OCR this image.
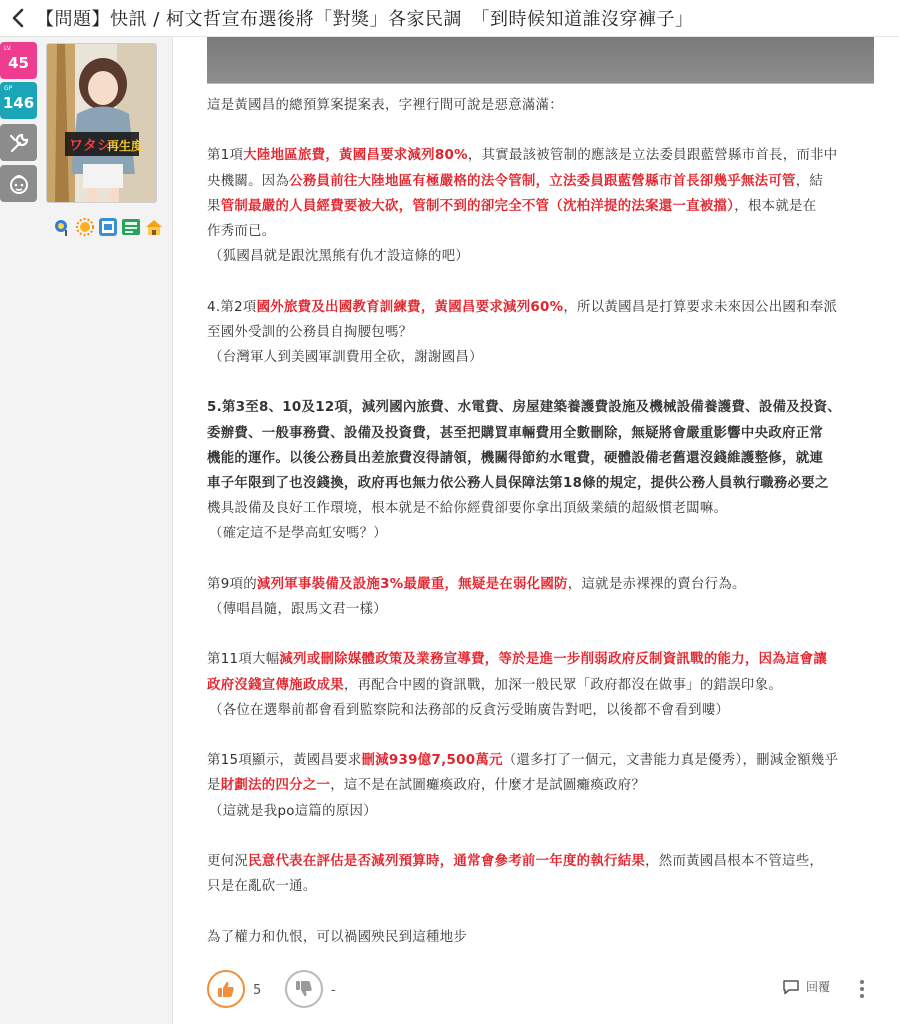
【問題】快訊 / 柯文哲宣布選後將「對獎」各家民調　「到時候知道誰沒穿褲子」
LV.
45
GP
146
ワタシ
再生度
這是黃國昌的總預算案提案表，字裡行間可說是惡意滿滿：
第1項大陸地區旅費，黃國昌要求減列80%，其實最該被管制的應該是立法委員跟藍營縣市首長，而非中
央機關。因為公務員前往大陸地區有極嚴格的法令管制，立法委員跟藍營縣市首長卻幾乎無法可管，結
果管制最嚴的人員經費要被大砍，管制不到的卻完全不管（沈柏洋提的法案還一直被擋），根本就是在
作秀而已。
（狐國昌就是跟沈黑熊有仇才設這條的吧）
4.第2項國外旅費及出國教育訓練費，黃國昌要求減列60%，所以黃國昌是打算要求未來因公出國和奉派
至國外受訓的公務員自掏腰包嗎？
（台灣軍人到美國軍訓費用全砍，謝謝國昌）
5.第3至8、10及12項，減列國內旅費、水電費、房屋建築養護費設施及機械設備養護費、設備及投資、
委辦費、一般事務費、設備及投資費，甚至把購買車輛費用全數刪除，無疑將會嚴重影響中央政府正常
機能的運作。以後公務員出差旅費沒得請領，機關得節約水電費，硬體設備老舊還沒錢維護整修，就連
車子年限到了也沒錢換，政府再也無力依公務人員保障法第18條的規定，提供公務人員執行職務必要之
機具設備及良好工作環境，根本就是不給你經費卻要你拿出頂級業績的超級慣老闆嘛。
（確定這不是學高虹安嗎？）
第9項的減列軍事裝備及設施3%最嚴重，無疑是在弱化國防，這就是赤裸裸的賣台行為。
（傳唱昌隨，跟馬文君一樣）
第11項大幅減列或刪除媒體政策及業務宣導費，等於是進一步削弱政府反制資訊戰的能力，因為這會讓
政府沒錢宣傳施政成果，再配合中國的資訊戰，加深一般民眾「政府都沒在做事」的錯誤印象。
（各位在選舉前都會看到監察院和法務部的反貪污受賄廣告對吧，以後都不會看到嘍）
第15項顯示，黃國昌要求刪減939億7,500萬元（還多打了一個元，文書能力真是優秀），刪減金額幾乎
是財劃法的四分之一，這不是在試圖癱瘓政府，什麼才是試圖癱瘓政府？
（這就是我po這篇的原因）
更何況民意代表在評估是否減列預算時，通常會參考前一年度的執行結果，然而黃國昌根本不管這些，
只是在亂砍一通。
為了權力和仇恨，可以禍國殃民到這種地步
5	-	回覆
